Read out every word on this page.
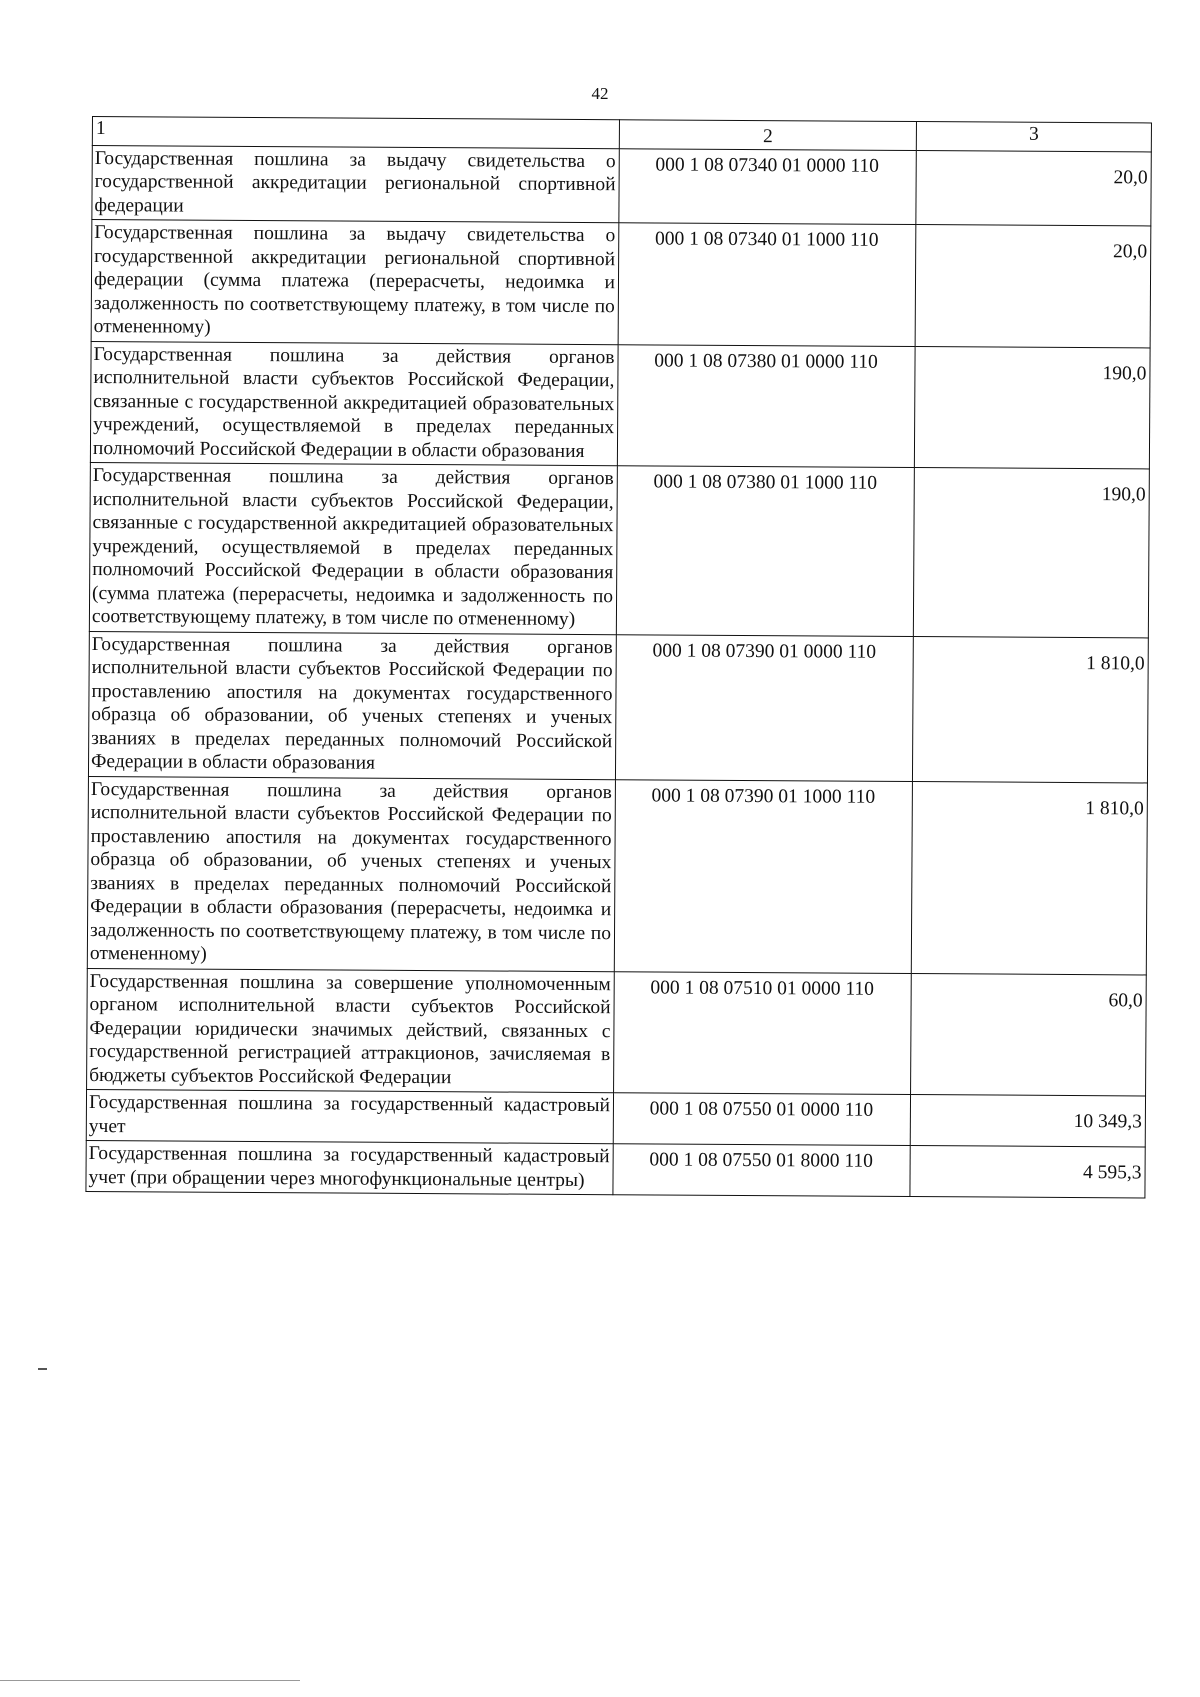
42
1	2	3
Государственная пошлина за выдачу свидетельства о государственной аккредитации региональной спортивной федерации	000 1 08 07340 01 0000 110	20,0
Государственная пошлина за выдачу свидетельства о государственной аккредитации региональной спортивной федерации (сумма платежа (перерасчеты, недоимка и задолженность по соответствующему платежу, в том числе по отмененному)	000 1 08 07340 01 1000 110	20,0
Государственная пошлина за действия органов исполнительной власти субъектов Российской Федерации, связанные с государственной аккредитацией образовательных учреждений, осуществляемой в пределах переданных полномочий Российской Федерации в области образования	000 1 08 07380 01 0000 110	190,0
Государственная пошлина за действия органов исполнительной власти субъектов Российской Федерации, связанные с государственной аккредитацией образовательных учреждений, осуществляемой в пределах переданных полномочий Российской Федерации в области образования (сумма платежа (перерасчеты, недоимка и задолженность по соответствующему платежу, в том числе по отмененному)	000 1 08 07380 01 1000 110	190,0
Государственная пошлина за действия органов исполнительной власти субъектов Российской Федерации по проставлению апостиля на документах государственного образца об образовании, об ученых степенях и ученых званиях в пределах переданных полномочий Российской Федерации в области образования	000 1 08 07390 01 0000 110	1 810,0
Государственная пошлина за действия органов исполнительной власти субъектов Российской Федерации по проставлению апостиля на документах государственного образца об образовании, об ученых степенях и ученых званиях в пределах переданных полномочий Российской Федерации в области образования (перерасчеты, недоимка и задолженность по соответствующему платежу, в том числе по отмененному)	000 1 08 07390 01 1000 110	1 810,0
Государственная пошлина за совершение уполномоченным органом исполнительной власти субъектов Российской Федерации юридически значимых действий, связанных с государственной регистрацией аттракционов, зачисляемая в бюджеты субъектов Российской Федерации	000 1 08 07510 01 0000 110	60,0
Государственная пошлина за государственный кадастровый учет	000 1 08 07550 01 0000 110	10 349,3
Государственная пошлина за государственный кадастровый учет (при обращении через многофункциональные центры)	000 1 08 07550 01 8000 110	4 595,3
